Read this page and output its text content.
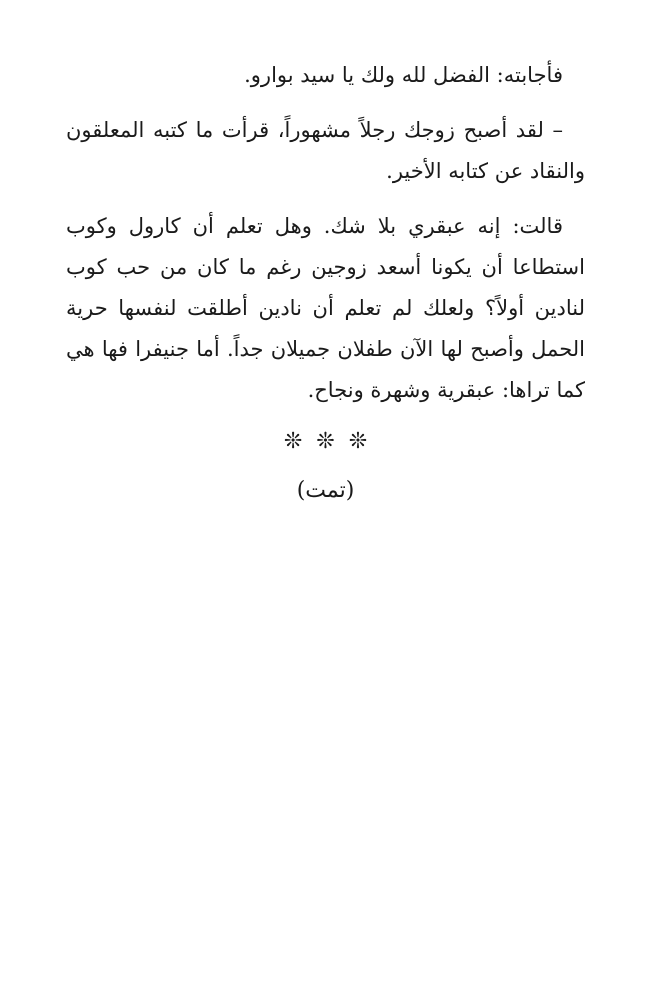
فأجابته: الفضل لله ولك يا سيد بوارو.

– لقد أصبح زوجك رجلاً مشهوراً، قرأت ما كتبه المعلقون والنقاد عن كتابه الأخير.

قالت: إنه عبقري بلا شك. وهل تعلم أن كارول وكوب استطاعا أن يكونا أسعد زوجين رغم ما كان من حب كوب لنادين أولاً؟ ولعلك لم تعلم أن نادين أطلقت لنفسها حرية الحمل وأصبح لها الآن طفلان جميلان جداً. أما جنيفرا فها هي كما تراها: عبقرية وشهرة ونجاح.

❊❊❊
(تمت)
